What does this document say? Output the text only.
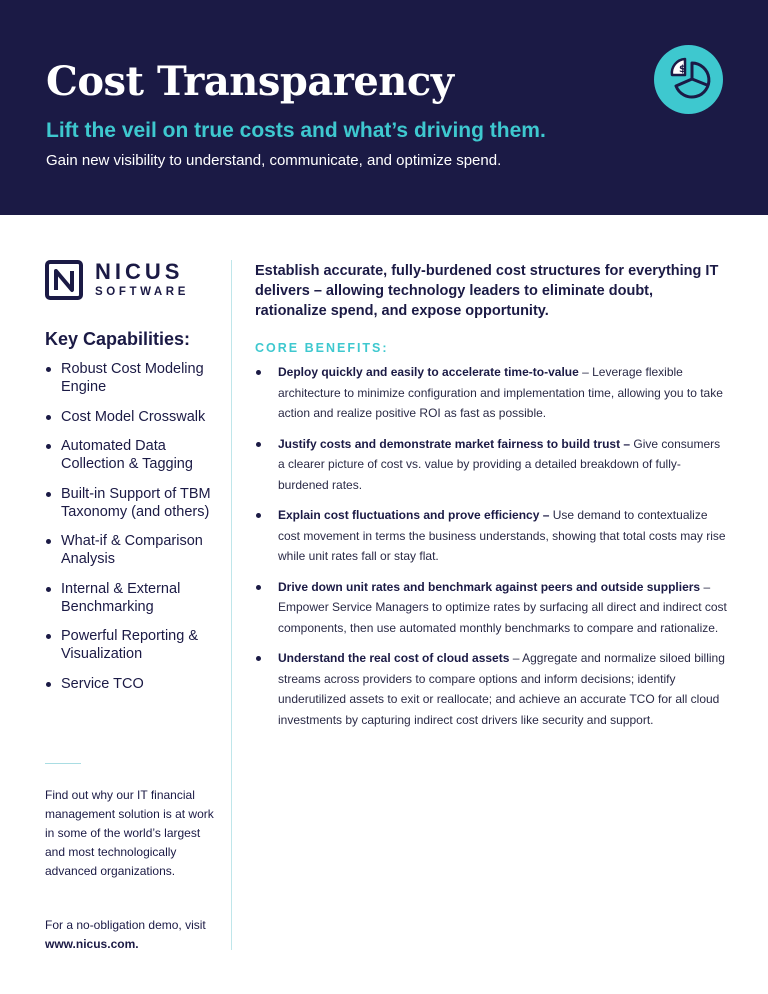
Cost Transparency
Lift the veil on true costs and what’s driving them.
Gain new visibility to understand, communicate, and optimize spend.
$
NICUS
SOFTWARE
Key Capabilities:
Robust Cost Modeling Engine
Cost Model Crosswalk
Automated Data Collection & Tagging
Built-in Support of TBM Taxonomy (and others)
What-if & Comparison Analysis
Internal & External Benchmarking
Powerful Reporting & Visualization
Service TCO
Find out why our IT financial management solution is at work in some of the world’s largest and most technologically advanced organizations.
For a no-obligation demo, visit www.nicus.com.
Establish accurate, fully-burdened cost structures for everything IT delivers – allowing technology leaders to eliminate doubt, rationalize spend, and expose opportunity.
CORE BENEFITS:
Deploy quickly and easily to accelerate time-to-value – Leverage flexible architecture to minimize configuration and implementation time, allowing you to take action and realize positive ROI as fast as possible.
Justify costs and demonstrate market fairness to build trust – Give consumers a clearer picture of cost vs. value by providing a detailed breakdown of fully-burdened rates.
Explain cost fluctuations and prove efficiency – Use demand to contextualize cost movement in terms the business understands, showing that total costs may rise while unit rates fall or stay flat.
Drive down unit rates and benchmark against peers and outside suppliers – Empower Service Managers to optimize rates by surfacing all direct and indirect cost components, then use automated monthly benchmarks to compare and rationalize.
Understand the real cost of cloud assets – Aggregate and normalize siloed billing streams across providers to compare options and inform decisions; identify underutilized assets to exit or reallocate; and achieve an accurate TCO for all cloud investments by capturing indirect cost drivers like security and support.
